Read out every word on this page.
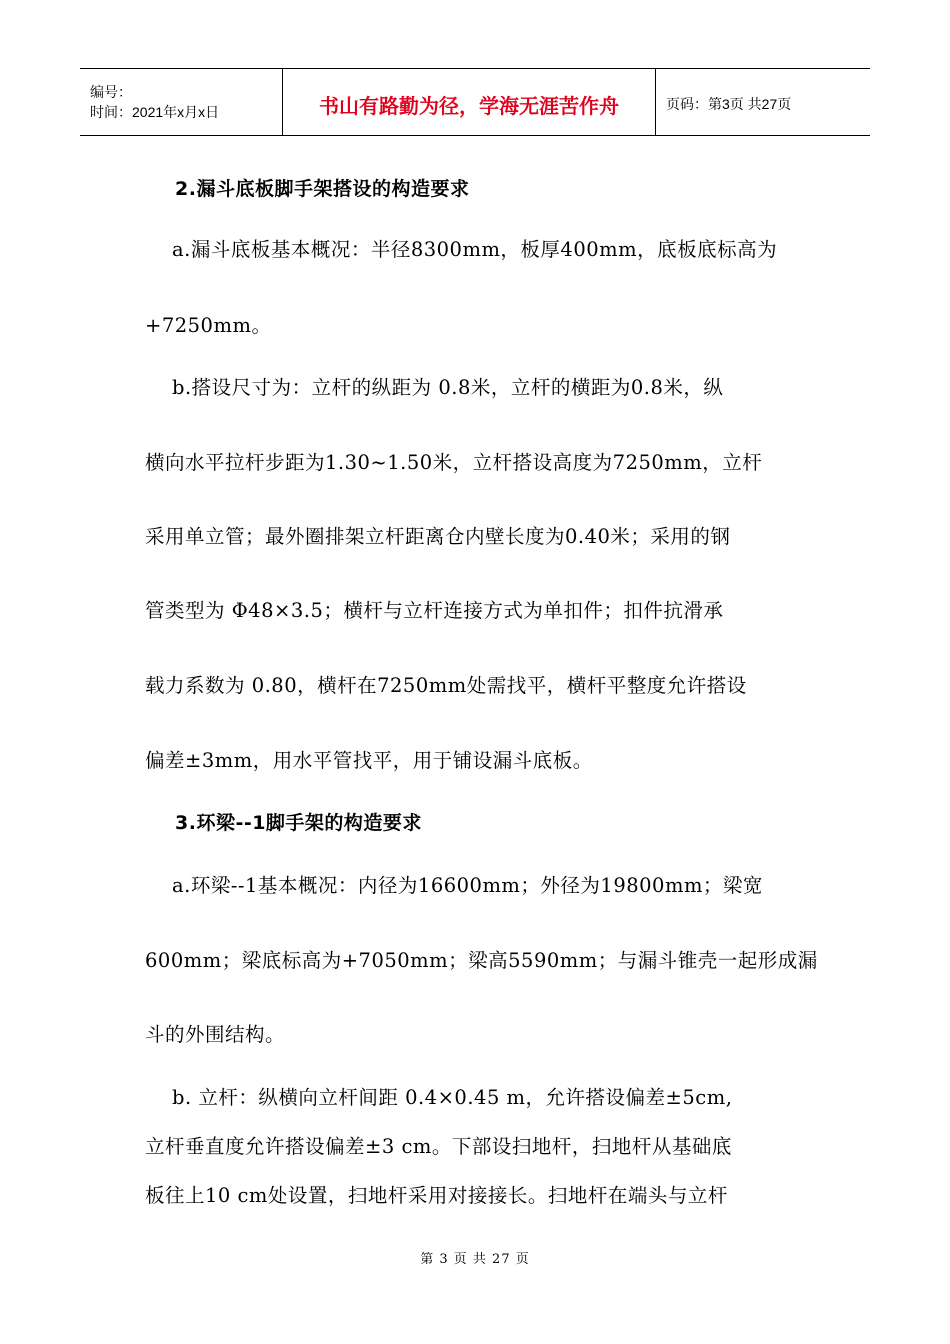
编号：
时间：2021年x月x日	书山有路勤为径，学海无涯苦作舟	页码：第3页 共27页
2.漏斗底板脚手架搭设的构造要求
a.漏斗底板基本概况：半径8300mm，板厚400mm，底板底标高为
+7250mm。
b.搭设尺寸为：立杆的纵距为 0.8米，立杆的横距为0.8米，纵
横向水平拉杆步距为1.30~1.50米，立杆搭设高度为7250mm，立杆
采用单立管；最外圈排架立杆距离仓内壁长度为0.40米；采用的钢
管类型为 Φ48×3.5；横杆与立杆连接方式为单扣件；扣件抗滑承
载力系数为 0.80，横杆在7250mm处需找平，横杆平整度允许搭设
偏差±3mm，用水平管找平，用于铺设漏斗底板。
3.环梁--1脚手架的构造要求
a.环梁--1基本概况：内径为16600mm；外径为19800mm；梁宽
600mm；梁底标高为+7050mm；梁高5590mm；与漏斗锥壳一起形成漏
斗的外围结构。
b. 立杆：纵横向立杆间距 0.4×0.45 m，允许搭设偏差±5cm,
立杆垂直度允许搭设偏差±3 cm。下部设扫地杆，扫地杆从基础底
板往上10 cm处设置，扫地杆采用对接接长。扫地杆在端头与立杆
第 3 页 共 27 页
